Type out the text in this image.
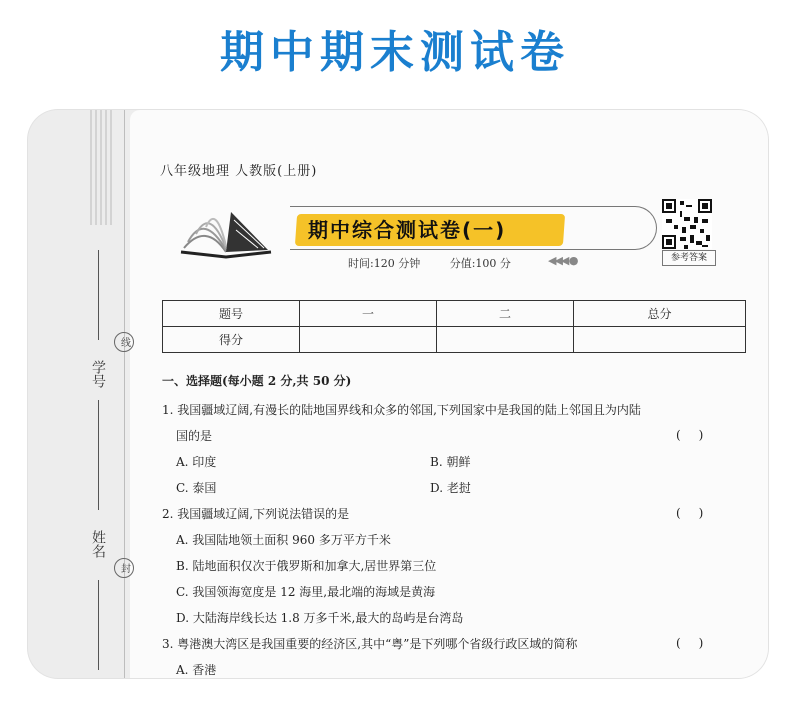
期中期末测试卷
线
学号
姓名
封
八年级地理 人教版(上册)
期中综合测试卷(一)
时间:120 分钟	分值:100 分	◀◀◀ ●	参考答案
题号	一	二	总分
得分			
一、选择题(每小题 2 分,共 50 分)
1. 我国疆域辽阔,有漫长的陆地国界线和众多的邻国,下列国家中是我国的陆上邻国且为内陆
国的是	()
A. 印度	B. 朝鲜
C. 泰国	D. 老挝
2. 我国疆域辽阔,下列说法错误的是	()
A. 我国陆地领土面积 960 多万平方千米
B. 陆地面积仅次于俄罗斯和加拿大,居世界第三位
C. 我国领海宽度是 12 海里,最北端的海域是黄海
D. 大陆海岸线长达 1.8 万多千米,最大的岛屿是台湾岛
3. 粤港澳大湾区是我国重要的经济区,其中“粤”是下列哪个省级行政区域的简称	()
A. 香港
